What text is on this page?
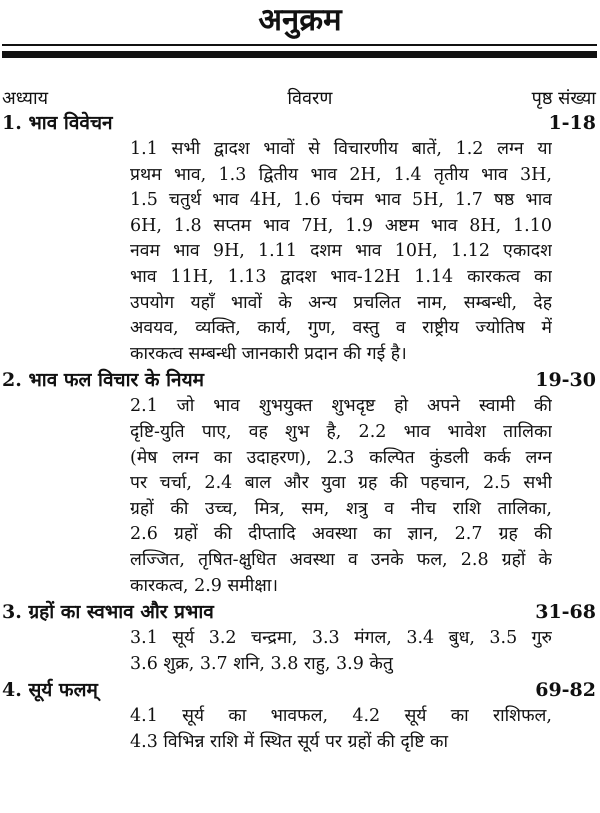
अनुक्रम
अध्याय	विवरण	पृष्ठ संख्या
1. भाव विवेचन	1-18
1.1 सभी द्वादश भावों से विचारणीय बातें, 1.2 लग्न या
प्रथम भाव, 1.3 द्वितीय भाव 2H, 1.4 तृतीय भाव 3H,
1.5 चतुर्थ भाव 4H, 1.6 पंचम भाव 5H, 1.7 षष्ठ भाव
6H, 1.8 सप्तम भाव 7H, 1.9 अष्टम भाव 8H, 1.10
नवम भाव 9H, 1.11 दशम भाव 10H, 1.12 एकादश
भाव 11H, 1.13 द्वादश भाव-12H 1.14 कारकत्व का
उपयोग यहाँ भावों के अन्य प्रचलित नाम, सम्बन्धी, देह
अवयव, व्यक्ति, कार्य, गुण, वस्तु व राष्ट्रीय ज्योतिष में
कारकत्व सम्बन्धी जानकारी प्रदान की गई है।
2. भाव फल विचार के नियम	19-30
2.1 जो भाव शुभयुक्त शुभदृष्ट हो अपने स्वामी की
दृष्टि-युति पाए, वह शुभ है, 2.2 भाव भावेश तालिका
(मेष लग्न का उदाहरण), 2.3 कल्पित कुंडली कर्क लग्न
पर चर्चा, 2.4 बाल और युवा ग्रह की पहचान, 2.5 सभी
ग्रहों की उच्च, मित्र, सम, शत्रु व नीच राशि तालिका,
2.6 ग्रहों की दीप्तादि अवस्था का ज्ञान, 2.7 ग्रह की
लज्जित, तृषित-क्षुधित अवस्था व उनके फल, 2.8 ग्रहों के
कारकत्व, 2.9 समीक्षा।
3. ग्रहों का स्वभाव और प्रभाव	31-68
3.1 सूर्य 3.2 चन्द्रमा, 3.3 मंगल, 3.4 बुध, 3.5 गुरु
3.6 शुक्र, 3.7 शनि, 3.8 राहु, 3.9 केतु
4. सूर्य फलम्	69-82
4.1 सूर्य का भावफल, 4.2 सूर्य का राशिफल,
4.3 विभिन्न राशि में स्थित सूर्य पर ग्रहों की दृष्टि का
